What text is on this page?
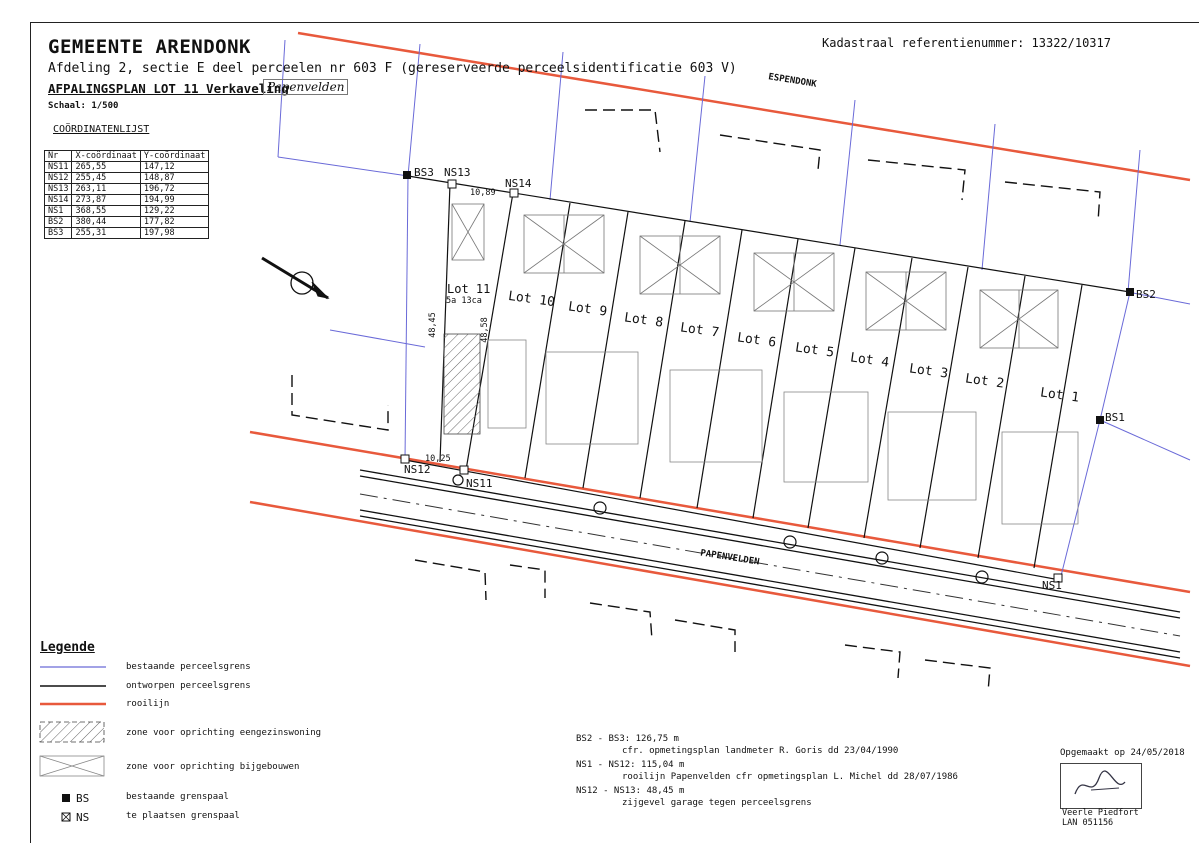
GEMEENTE ARENDONK
Afdeling 2, sectie E deel perceelen nr 603 F (gereserveerde perceelsidentificatie 603 V)
AFPALINGSPLAN LOT 11 Verkaveling
Papenvelden
Schaal: 1/500
Kadastraal referentienummer: 13322/10317
COÖRDINATENLIJST
Nr	X-coördinaat	Y-coördinaat
NS11	265,55	147,12
NS12	255,45	148,87
NS13	263,11	196,72
NS14	273,87	194,99
NS1	368,55	129,22
BS2	380,44	177,82
BS3	255,31	197,98
ESPENDONK
PAPENVELDEN
Lot 11
5a 13ca Lot 10 Lot 9
Lot 8 Lot 7 Lot 6 Lot 5 Lot 4
Lot 3 Lot 2
Lot 1
BS3 NS13
NS14
BS2
BS1
NS12
NS11
NS1
10,89
48,45	48,58
10,25
Legende
bestaande perceelsgrens
ontworpen perceelsgrens
rooilijn
zone voor oprichting eengezinswoning
zone voor oprichting bijgebouwen
BS	bestaande grenspaal
NS	te plaatsen grenspaal
BS2 - BS3: 126,75 m
cfr. opmetingsplan landmeter R. Goris dd 23/04/1990
NS1 - NS12: 115,04 m
rooilijn Papenvelden cfr opmetingsplan L. Michel dd 28/07/1986
NS12 - NS13: 48,45 m
zijgevel garage tegen perceelsgrens
Opgemaakt op 24/05/2018
Veerle Piedfort
LAN 051156
